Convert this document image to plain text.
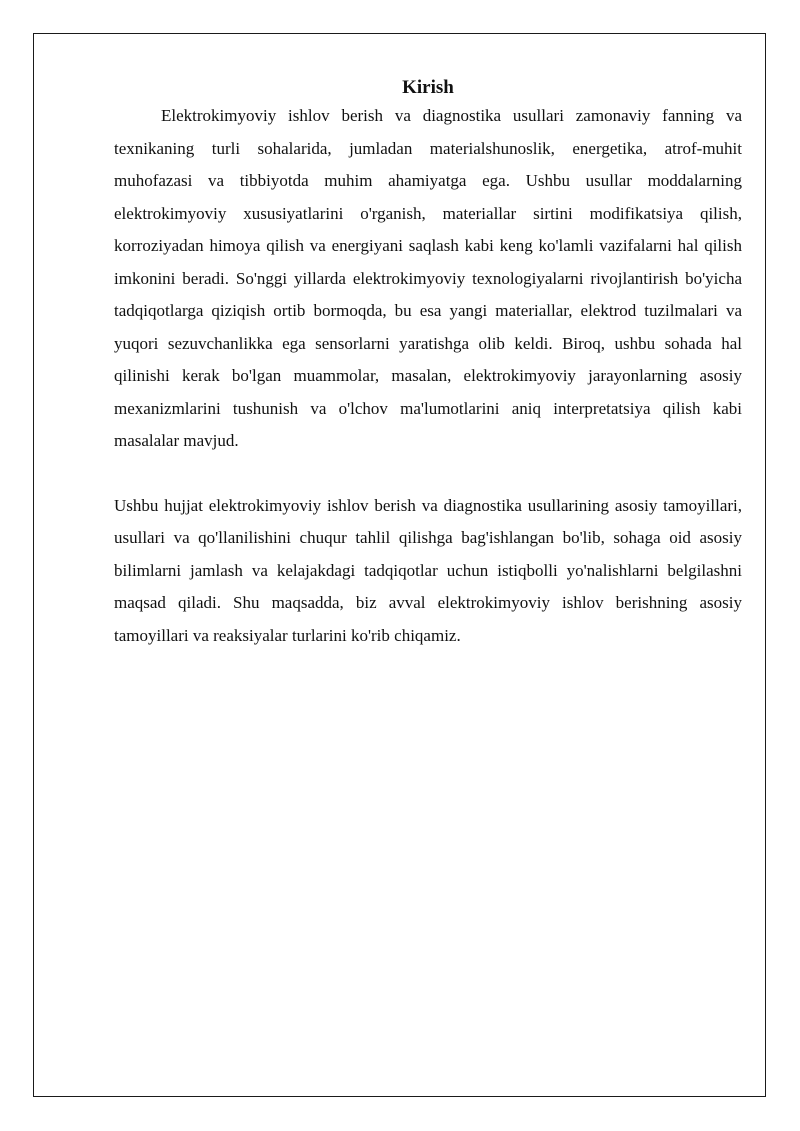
Kirish

Elektrokimyoviy ishlov berish va diagnostika usullari zamonaviy fanning va texnikaning turli sohalarida, jumladan materialshunoslik, energetika, atrof-muhit muhofazasi va tibbiyotda muhim ahamiyatga ega. Ushbu usullar moddalarning elektrokimyoviy xususiyatlarini o'rganish, materiallar sirtini modifikatsiya qilish, korroziyadan himoya qilish va energiyani saqlash kabi keng ko'lamli vazifalarni hal qilish imkonini beradi. So'nggi yillarda elektrokimyoviy texnologiyalarni rivojlantirish bo'yicha tadqiqotlarga qiziqish ortib bormoqda, bu esa yangi materiallar, elektrod tuzilmalari va yuqori sezuvchanlikka ega sensorlarni yaratishga olib keldi. Biroq, ushbu sohada hal qilinishi kerak bo'lgan muammolar, masalan, elektrokimyoviy jarayonlarning asosiy mexanizmlarini tushunish va o'lchov ma'lumotlarini aniq interpretatsiya qilish kabi masalalar mavjud.

Ushbu hujjat elektrokimyoviy ishlov berish va diagnostika usullarining asosiy tamoyillari, usullari va qo'llanilishini chuqur tahlil qilishga bag'ishlangan bo'lib, sohaga oid asosiy bilimlarni jamlash va kelajakdagi tadqiqotlar uchun istiqbolli yo'nalishlarni belgilashni maqsad qiladi. Shu maqsadda, biz avval elektrokimyoviy ishlov berishning asosiy tamoyillari va reaksiyalar turlarini ko'rib chiqamiz.
